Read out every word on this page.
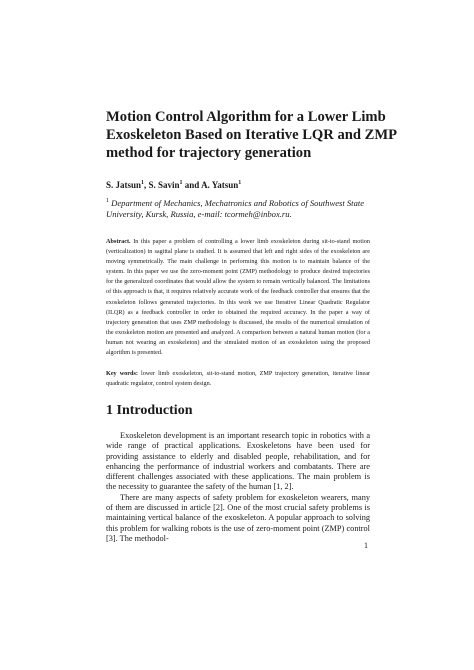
Motion Control Algorithm for a Lower Limb Exoskeleton Based on Iterative LQR and ZMP method for trajectory generation

S. Jatsun$^1$, S. Savin$^1$ and A. Yatsun$^1$

$^1$ Department of Mechanics, Mechatronics and Robotics of Southwest State University, Kursk, Russia, e-mail: tcormeh@inbox.ru.

Abstract. In this paper a problem of controlling a lower limb exoskeleton during sit-to-stand motion (verticalization) in sagittal plane is studied. It is assumed that left and right sides of the exoskeleton are moving symmetrically. The main challenge in performing this motion is to maintain balance of the system. In this paper we use the zero-moment point (ZMP) methodology to produce desired trajectories for the generalized coordinates that would allow the system to remain vertically balanced. The limitations of this approach is that, it requires relatively accurate work of the feedback controller that ensures that the exoskeleton follows generated trajectories. In this work we use Iterative Linear Quadratic Regulator (ILQR) as a feedback controller in order to obtained the required accuracy. In the paper a way of trajectory generation that uses ZMP methodology is discussed, the results of the numerical simulation of the exoskeleton motion are presented and analyzed. A comparison between a natural human motion (for a human not wearing an exoskeleton) and the simulated motion of an exoskeleton using the proposed algorithm is presented.

Key words: lower limb exoskeleton, sit-to-stand motion, ZMP trajectory generation, iterative linear quadratic regulator, control system design.

1 Introduction

Exoskeleton development is an important research topic in robotics with a wide range of practical applications. Exoskeletons have been used for providing assistance to elderly and disabled people, rehabilitation, and for enhancing the performance of industrial workers and combatants. There are different challenges associated with these applications. The main problem is the necessity to guarantee the safety of the human [1, 2].

There are many aspects of safety problem for exoskeleton wearers, many of them are discussed in article [2]. One of the most crucial safety problems is maintaining vertical balance of the exoskeleton. A popular approach to solving this problem for walking robots is the use of zero-moment point (ZMP) control [3]. The methodol-

1
